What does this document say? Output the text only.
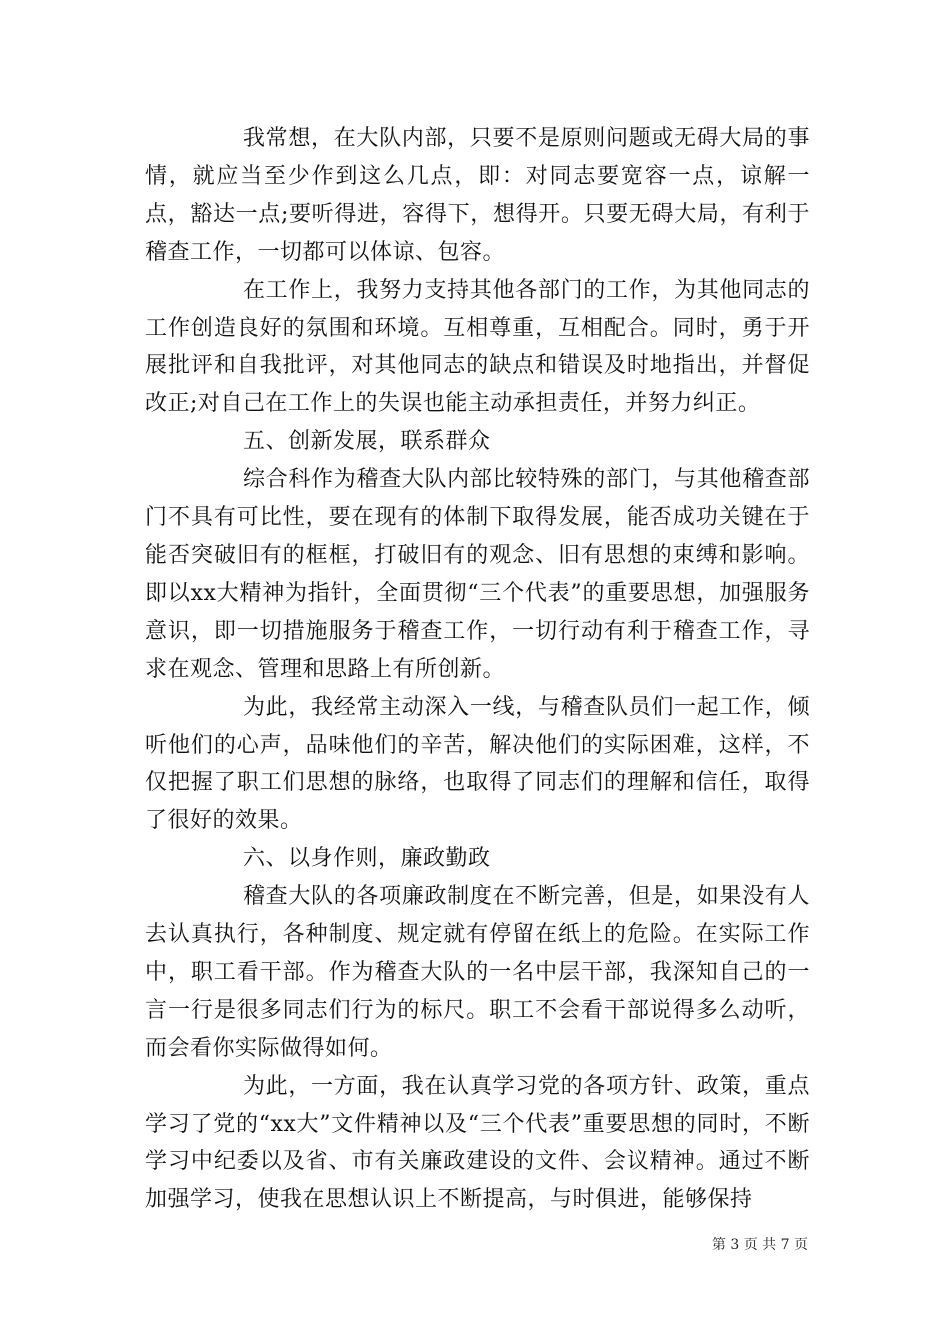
我常想，在大队内部，只要不是原则问题或无碍大局的事情，就应当至少作到这么几点，即：对同志要宽容一点，谅解一点，豁达一点;要听得进，容得下，想得开。只要无碍大局，有利于稽查工作，一切都可以体谅、包容。

在工作上，我努力支持其他各部门的工作，为其他同志的工作创造良好的氛围和环境。互相尊重，互相配合。同时，勇于开展批评和自我批评，对其他同志的缺点和错误及时地指出，并督促改正;对自己在工作上的失误也能主动承担责任，并努力纠正。

五、创新发展，联系群众

综合科作为稽查大队内部比较特殊的部门，与其他稽查部门不具有可比性，要在现有的体制下取得发展，能否成功关键在于能否突破旧有的框框，打破旧有的观念、旧有思想的束缚和影响。即以xx大精神为指针，全面贯彻“三个代表”的重要思想，加强服务意识，即一切措施服务于稽查工作，一切行动有利于稽查工作，寻求在观念、管理和思路上有所创新。

为此，我经常主动深入一线，与稽查队员们一起工作，倾听他们的心声，品味他们的辛苦，解决他们的实际困难，这样，不仅把握了职工们思想的脉络，也取得了同志们的理解和信任，取得了很好的效果。

六、以身作则，廉政勤政

稽查大队的各项廉政制度在不断完善，但是，如果没有人去认真执行，各种制度、规定就有停留在纸上的危险。在实际工作中，职工看干部。作为稽查大队的一名中层干部，我深知自己的一言一行是很多同志们行为的标尺。职工不会看干部说得多么动听，而会看你实际做得如何。

为此，一方面，我在认真学习党的各项方针、政策，重点学习了党的“xx大”文件精神以及“三个代表”重要思想的同时，不断学习中纪委以及省、市有关廉政建设的文件、会议精神。通过不断加强学习，使我在思想认识上不断提高，与时俱进，能够保持

第 3 页 共 7 页
